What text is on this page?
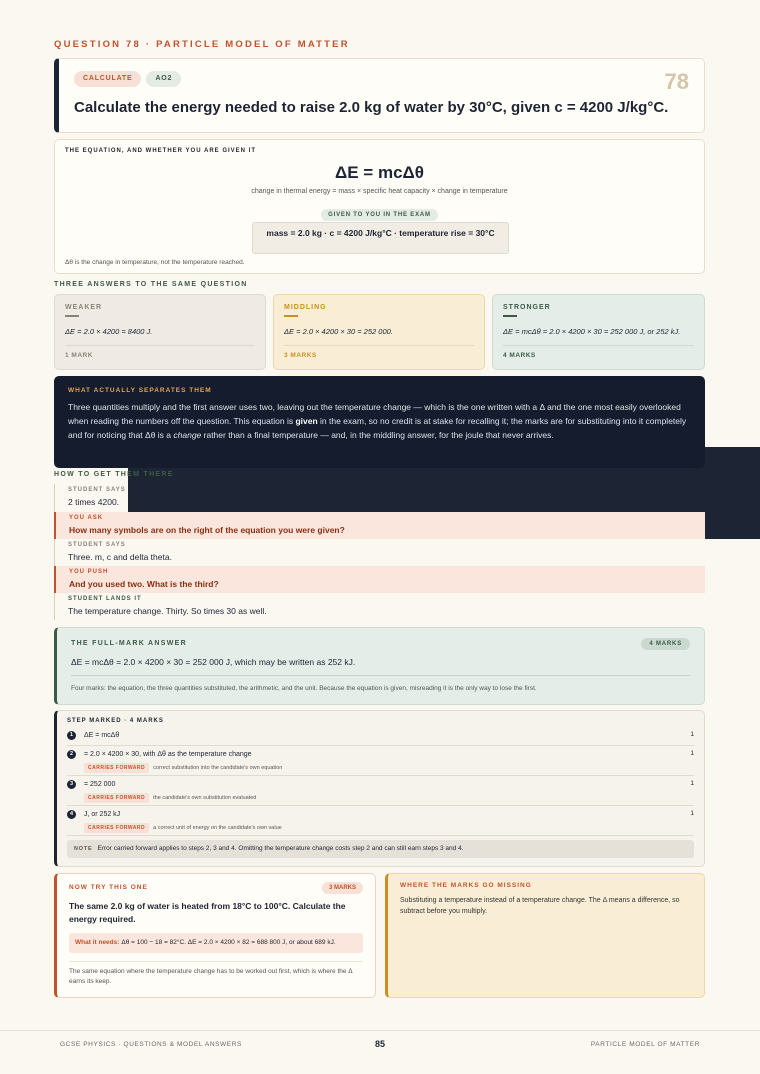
QUESTION 78 · PARTICLE MODEL OF MATTER
CALCULATE	AO2	78
Calculate the energy needed to raise 2.0 kg of water by 30°C, given c = 4200 J/kg°C.
THE EQUATION, AND WHETHER YOU ARE GIVEN IT
ΔE = mcΔθ
change in thermal energy = mass × specific heat capacity × change in temperature
GIVEN TO YOU IN THE EXAM
mass = 2.0 kg · c = 4200 J/kg°C · temperature rise = 30°C
Δθ is the change in temperature, not the temperature reached.
THREE ANSWERS TO THE SAME QUESTION
WEAKER
ΔE = 2.0 × 4200 = 8400 J.
1 MARK
MIDDLING
ΔE = 2.0 × 4200 × 30 = 252 000.
3 MARKS
STRONGER
ΔE = mcΔθ = 2.0 × 4200 × 30 = 252 000 J, or 252 kJ.
4 MARKS
WHAT ACTUALLY SEPARATES THEM
Three quantities multiply and the first answer uses two, leaving out the temperature change — which is the one written with a Δ and the one most easily overlooked when reading the numbers off the question. This equation is given in the exam, so no credit is at stake for recalling it; the marks are for substituting into it completely and for noticing that Δθ is a change rather than a final temperature — and, in the middling answer, for the joule that never arrives.
HOW TO GET THEM THERE
STUDENT SAYS
2 times 4200.
YOU ASK
How many symbols are on the right of the equation you were given?
STUDENT SAYS
Three. m, c and delta theta.
YOU PUSH
And you used two. What is the third?
STUDENT LANDS IT
The temperature change. Thirty. So times 30 as well.
THE FULL-MARK ANSWER	4 MARKS
ΔE = mcΔθ = 2.0 × 4200 × 30 = 252 000 J, which may be written as 252 kJ.
Four marks: the equation, the three quantities substituted, the arithmetic, and the unit. Because the equation is given, misreading it is the only way to lose the first.
STEP MARKED · 4 MARKS
1	ΔE = mcΔθ	1
2	= 2.0 × 4200 × 30, with Δθ as the temperature change	1
CARRIES FORWARD correct substitution into the candidate's own equation
3	= 252 000	1
CARRIES FORWARD the candidate's own substitution evaluated
4	J, or 252 kJ	1
CARRIES FORWARD a correct unit of energy on the candidate's own value
NOTE Error carried forward applies to steps 2, 3 and 4. Omitting the temperature change costs step 2 and can still earn steps 3 and 4.
NOW TRY THIS ONE	3 MARKS
The same 2.0 kg of water is heated from 18°C to 100°C. Calculate the energy required.
What it needs: Δθ = 100 − 18 = 82°C. ΔE = 2.0 × 4200 × 82 = 688 800 J, or about 689 kJ.
The same equation where the temperature change has to be worked out first, which is where the Δ earns its keep.
WHERE THE MARKS GO MISSING
Substituting a temperature instead of a temperature change. The Δ means a difference, so subtract before you multiply.
GCSE PHYSICS · QUESTIONS & MODEL ANSWERS	85	PARTICLE MODEL OF MATTER
